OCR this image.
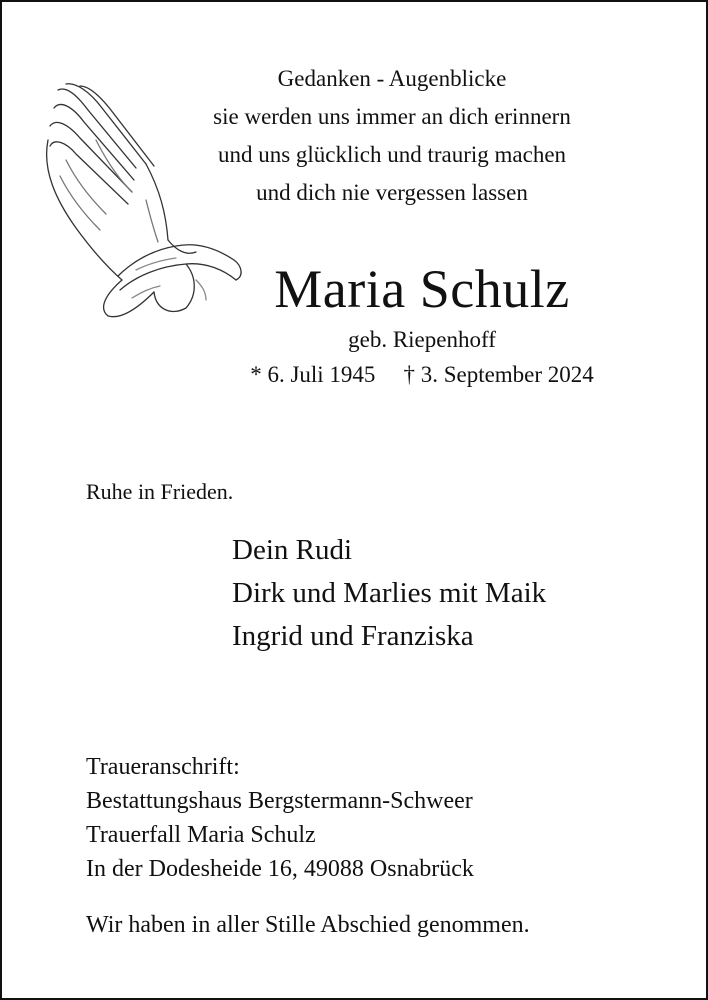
Gedanken - Augenblicke
sie werden uns immer an dich erinnern
und uns glücklich und traurig machen
und dich nie vergessen lassen
Maria Schulz
geb. Riepenhoff
* 6. Juli 1945 † 3. September 2024
Ruhe in Frieden.
Dein Rudi
Dirk und Marlies mit Maik
Ingrid und Franziska
Traueranschrift:
Bestattungshaus Bergstermann-Schweer
Trauerfall Maria Schulz
In der Dodesheide 16, 49088 Osnabrück
Wir haben in aller Stille Abschied genommen.
